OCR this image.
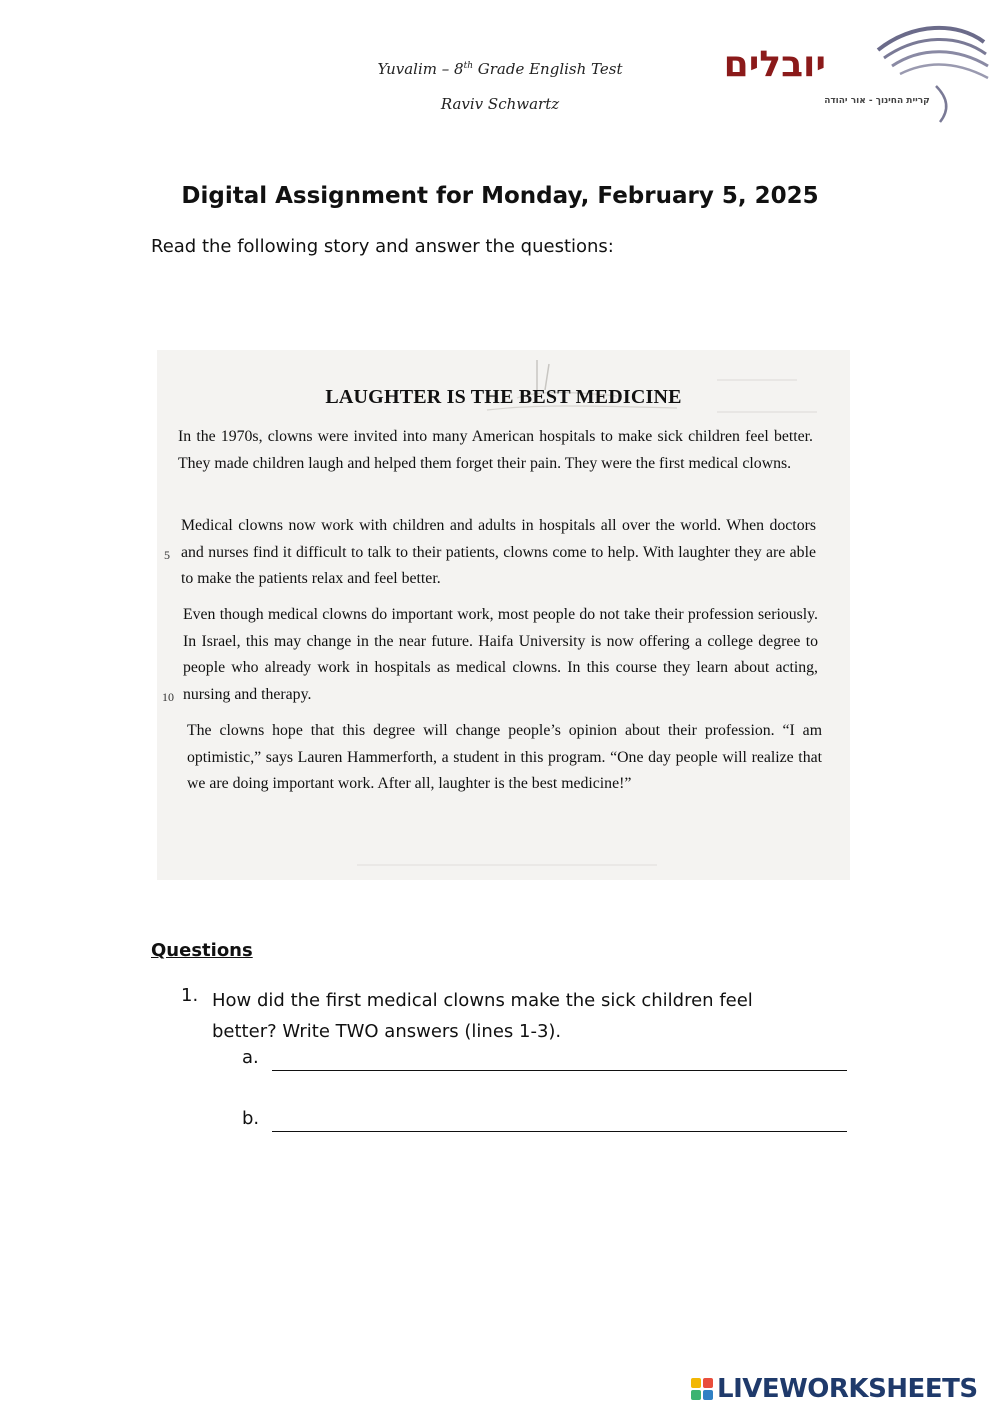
Yuvalim – 8th Grade English Test
Raviv Schwartz
יובלים
קריית החינוך - אור יהודה
Digital Assignment for Monday, February 5, 2025
Read the following story and answer the questions:
LAUGHTER IS THE BEST MEDICINE
In the 1970s, clowns were invited into many American hospitals to make sick children feel better. They made children laugh and helped them forget their pain. They were the first medical clowns.
Medical clowns now work with children and adults in hospitals all over the world. When doctors and nurses find it difficult to talk to their patients, clowns come to help. With laughter they are able to make the patients relax and feel better.
Even though medical clowns do important work, most people do not take their profession seriously. In Israel, this may change in the near future. Haifa University is now offering a college degree to people who already work in hospitals as medical clowns. In this course they learn about acting, nursing and therapy.
The clowns hope that this degree will change people’s opinion about their profession. “I am optimistic,” says Lauren Hammerforth, a student in this program. “One day people will realize that we are doing important work. After all, laughter is the best medicine!”
5
10
Questions
1. How did the first medical clowns make the sick children feel better? Write TWO answers (lines 1-3).
a.
b.
LIVEWORKSHEETS
